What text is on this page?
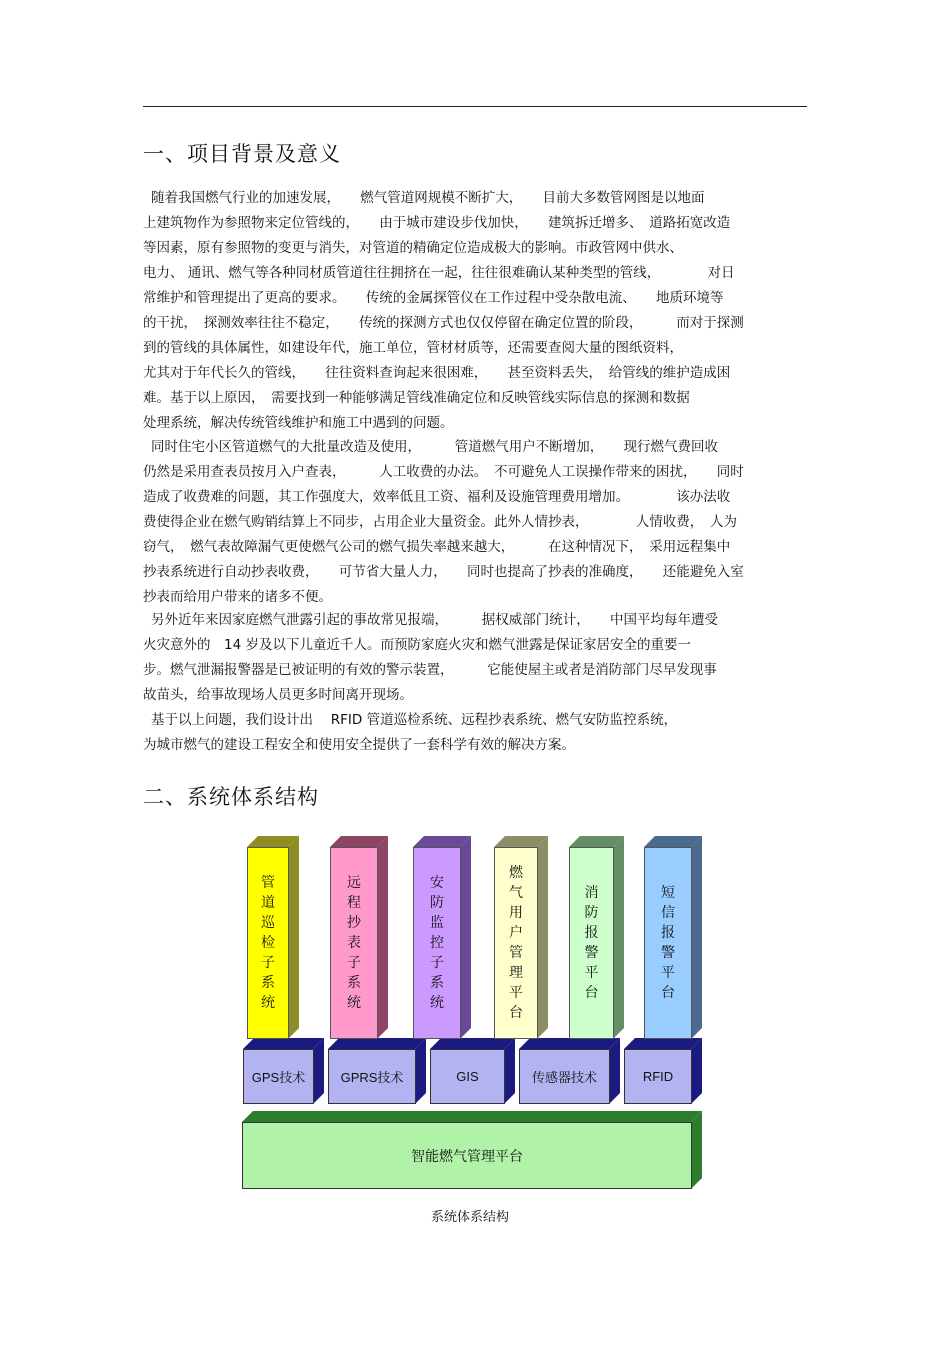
一、项目背景及意义
随着我国燃气行业的加速发展，　　燃气管道网规模不断扩大，　　目前大多数管网图是以地面
上建筑物作为参照物来定位管线的，　　由于城市建设步伐加快，　　建筑拆迁增多、　道路拓宽改造
等因素，原有参照物的变更与消失，对管道的精确定位造成极大的影响。市政管网中供水、
电力、 通讯、燃气等各种同材质管道往往拥挤在一起，往往很难确认某种类型的管线，　　　　对日
常维护和管理提出了更高的要求。　　传统的金属探管仪在工作过程中受杂散电流、　　地质环境等
的干扰，　探测效率往往不稳定，　　传统的探测方式也仅仅停留在确定位置的阶段，　　　而对于探测
到的管线的具体属性，如建设年代，施工单位，管材材质等，还需要查阅大量的图纸资料，
尤其对于年代长久的管线，　　往往资料查询起来很困难，　　甚至资料丢失，　给管线的维护造成困
难。基于以上原因，　需要找到一种能够满足管线准确定位和反映管线实际信息的探测和数据
处理系统，解决传统管线维护和施工中遇到的问题。
同时住宅小区管道燃气的大批量改造及使用，　　　管道燃气用户不断增加，　　现行燃气费回收
仍然是采用查表员按月入户查表，　　　人工收费的办法。　不可避免人工误操作带来的困扰，　　同时
造成了收费难的问题，其工作强度大，效率低且工资、福利及设施管理费用增加。　　　　该办法收
费使得企业在燃气购销结算上不同步，占用企业大量资金。此外人情抄表，　　　　人情收费，　人为
窃气，　燃气表故障漏气更使燃气公司的燃气损失率越来越大，　　　在这种情况下，　采用远程集中
抄表系统进行自动抄表收费，　　可节省大量人力，　　同时也提高了抄表的准确度，　　还能避免入室
抄表而给用户带来的诸多不便。
另外近年来因家庭燃气泄露引起的事故常见报端，　　　据权威部门统计，　　中国平均每年遭受
火灾意外的　14 岁及以下儿童近千人。而预防家庭火灾和燃气泄露是保证家居安全的重要一
步。燃气泄漏报警器是已被证明的有效的警示装置，　　　它能使屋主或者是消防部门尽早发现事
故苗头，给事故现场人员更多时间离开现场。
基于以上问题，我们设计出　 RFID 管道巡检系统、远程抄表系统、燃气安防监控系统，
为城市燃气的建设工程安全和使用安全提供了一套科学有效的解决方案。
二、系统体系结构
管道巡检子系统
远程抄表子系统
安防监控子系统
燃气用户管理平台
消防报警平台
短信报警平台
GPS技术	GPRS技术	GIS	传感器技术	RFID
智能燃气管理平台
系统体系结构
